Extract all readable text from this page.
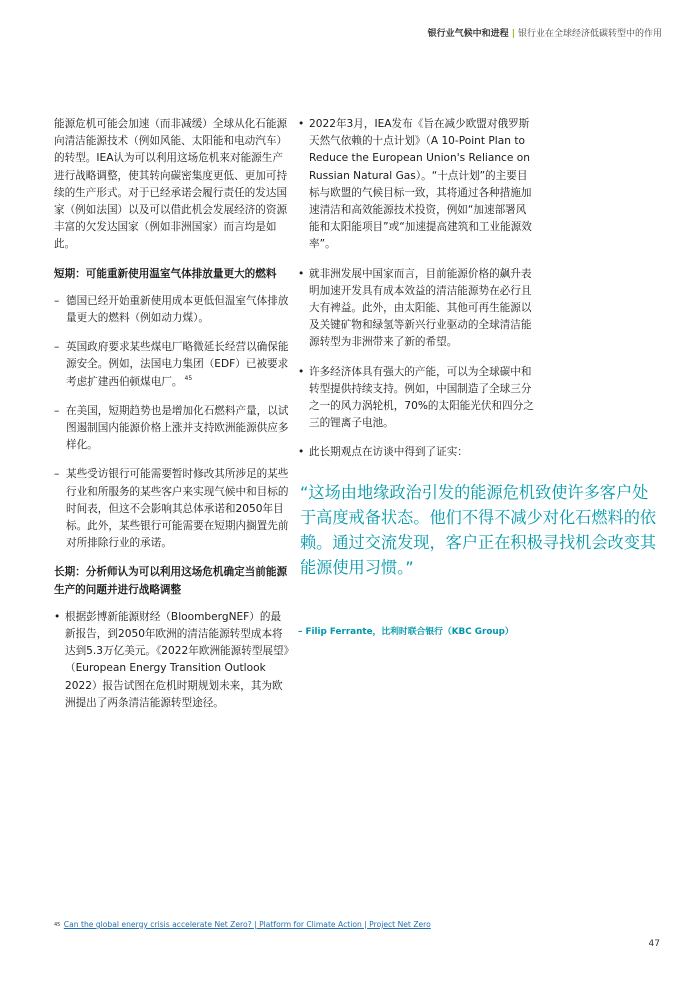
银行业气候中和进程 | 银行业在全球经济低碳转型中的作用

能源危机可能会加速（而非减缓）全球从化石能源向清洁能源技术（例如风能、太阳能和电动汽车）的转型。IEA认为可以利用这场危机来对能源生产进行战略调整，使其转向碳密集度更低、更加可持续的生产形式。对于已经承诺会履行责任的发达国家（例如法国）以及可以借此机会发展经济的资源丰富的欠发达国家（例如非洲国家）而言均是如此。

短期：可能重新使用温室气体排放量更大的燃料

– 德国已经开始重新使用成本更低但温室气体排放量更大的燃料（例如动力煤）。
– 英国政府要求某些煤电厂略微延长经营以确保能源安全。例如，法国电力集团（EDF）已被要求考虑扩建西伯顿煤电厂。 $^{45}$
– 在美国，短期趋势也是增加化石燃料产量，以试图遏制国内能源价格上涨并支持欧洲能源供应多样化。
– 某些受访银行可能需要暂时修改其所涉足的某些行业和所服务的某些客户来实现气候中和目标的时间表，但这不会影响其总体承诺和2050年目标。此外，某些银行可能需要在短期内搁置先前对所排除行业的承诺。

长期：分析师认为可以利用这场危机确定当前能源生产的问题并进行战略调整

• 根据彭博新能源财经（BloombergNEF）的最新报告，到2050年欧洲的清洁能源转型成本将达到5.3万亿美元。《2022年欧洲能源转型展望》（European Energy Transition Outlook 2022）报告试图在危机时期规划未来，其为欧洲提出了两条清洁能源转型途径。
• 2022年3月，IEA发布《旨在减少欧盟对俄罗斯天然气依赖的十点计划》（A 10-Point Plan to Reduce the European Union's Reliance on Russian Natural Gas）。“十点计划”的主要目标与欧盟的气候目标一致，其将通过各种措施加速清洁和高效能源技术投资，例如“加速部署风能和太阳能项目”或“加速提高建筑和工业能源效率”。
• 就非洲发展中国家而言，目前能源价格的飙升表明加速开发具有成本效益的清洁能源势在必行且大有裨益。此外，由太阳能、其他可再生能源以及关键矿物和绿氢等新兴行业驱动的全球清洁能源转型为非洲带来了新的希望。
• 许多经济体具有强大的产能，可以为全球碳中和转型提供持续支持。例如，中国制造了全球三分之一的风力涡轮机，70%的太阳能光伏和四分之三的锂离子电池。
• 此长期观点在访谈中得到了证实：

“这场由地缘政治引发的能源危机致使许多客户处于高度戒备状态。他们不得不减少对化石燃料的依赖。通过交流发现，客户正在积极寻找机会改变其能源使用习惯。”

– Filip Ferrante，比利时联合银行（KBC Group）

$^{45}$ Can the global energy crisis accelerate Net Zero? | Platform for Climate Action | Project Net Zero
47
